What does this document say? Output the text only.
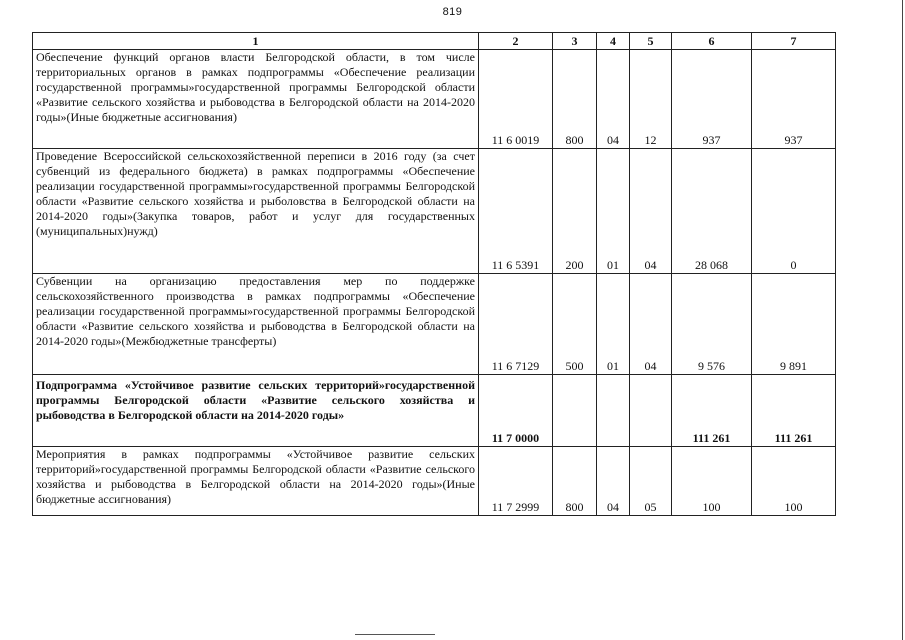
819
1	2	3	4	5	6	7
Обеспечение функций органов власти Белгородской области, в том числе территориальных органов в рамках подпрограммы «Обеспечение реализации государственной программы»государственной программы Белгородской области «Развитие сельского хозяйства и рыбоводства в Белгородской области на 2014-2020 годы»(Иные бюджетные ассигнования)	11 6 0019	800	04	12	937	937
Проведение Всероссийской сельскохозяйственной переписи в 2016 году (за счет субвенций из федерального бюджета) в рамках подпрограммы «Обеспечение реализации государственной программы»государственной программы Белгородской области «Развитие сельского хозяйства и рыболовства в Белгородской области на 2014-2020 годы»(Закупка товаров, работ и услуг для государственных (муниципальных)нужд)	11 6 5391	200	01	04	28 068	0
Субвенции на организацию предоставления мер по поддержке сельскохозяйственного производства в рамках подпрограммы «Обеспечение реализации государственной программы»государственной программы Белгородской области «Развитие сельского хозяйства и рыбоводства в Белгородской области на 2014-2020 годы»(Межбюджетные трансферты)	11 6 7129	500	01	04	9 576	9 891
Подпрограмма «Устойчивое развитие сельских территорий»государственной программы Белгородской области «Развитие сельского хозяйства и рыбоводства в Белгородской области на 2014-2020 годы»	11 7 0000				111 261	111 261
Мероприятия в рамках подпрограммы «Устойчивое развитие сельских территорий»государственной программы Белгородской области «Развитие сельского хозяйства и рыбоводства в Белгородской области на 2014-2020 годы»(Иные бюджетные ассигнования)	11 7 2999	800	04	05	100	100
